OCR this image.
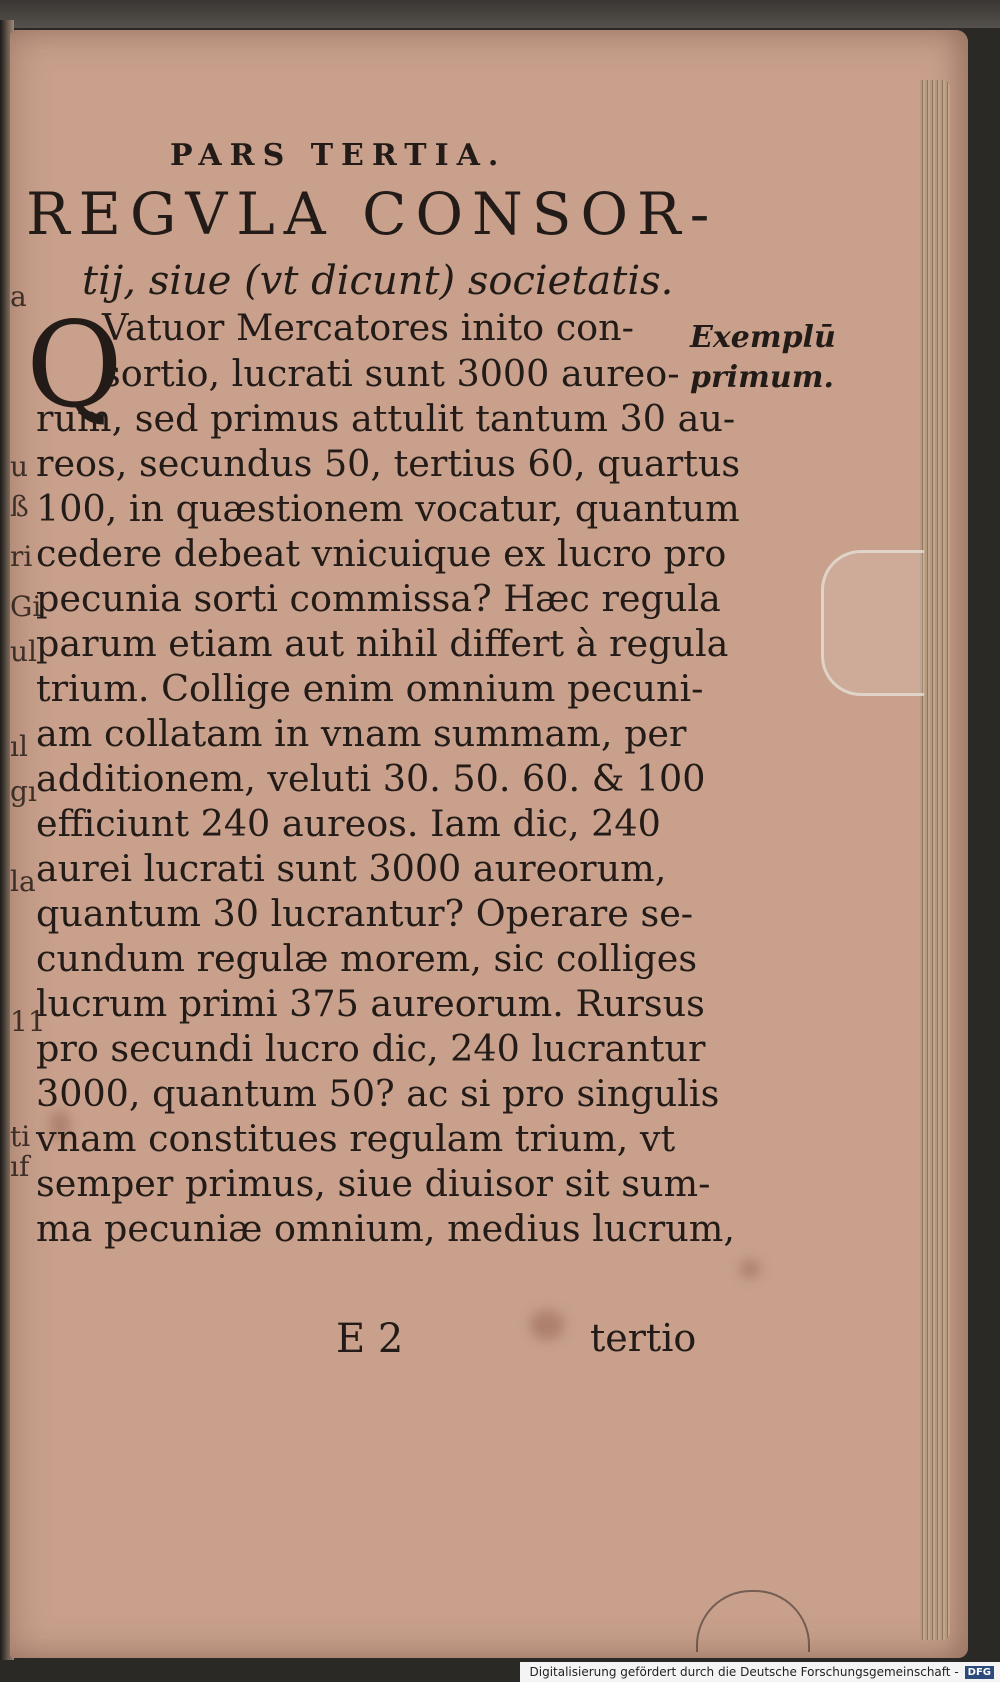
PARS TERTIA.
REGVLA CONSOR-
tij, siue (vt dicunt) societatis.
Q
Vatuor Mercatores inito con-
sortio, lucrati sunt 3000 aureo-
rum, sed primus attulit tantum 30 au-
reos, secundus 50, tertius 60, quartus
100, in quæstionem vocatur, quantum
cedere debeat vnicuique ex lucro pro
pecunia sorti commissa? Hæc regula
parum etiam aut nihil differt à regula
trium. Collige enim omnium pecuni-
am collatam in vnam summam, per
additionem, veluti 30. 50. 60. & 100
efficiunt 240 aureos. Iam dic, 240
aurei lucrati sunt 3000 aureorum,
quantum 30 lucrantur? Operare se-
cundum regulæ morem, sic colliges
lucrum primi 375 aureorum. Rursus
pro secundi lucro dic, 240 lucrantur
3000, quantum 50? ac si pro singulis
vnam constitues regulam trium, vt
semper primus, siue diuisor sit sum-
ma pecuniæ omnium, medius lucrum,
Exemplū
primum.
a
u
ß
ri
Gi
ul
ıl
gı
la
11
ti
ıf
E 2	tertio
Digitalisierung gefördert durch die Deutsche Forschungsgemeinschaft - DFG
